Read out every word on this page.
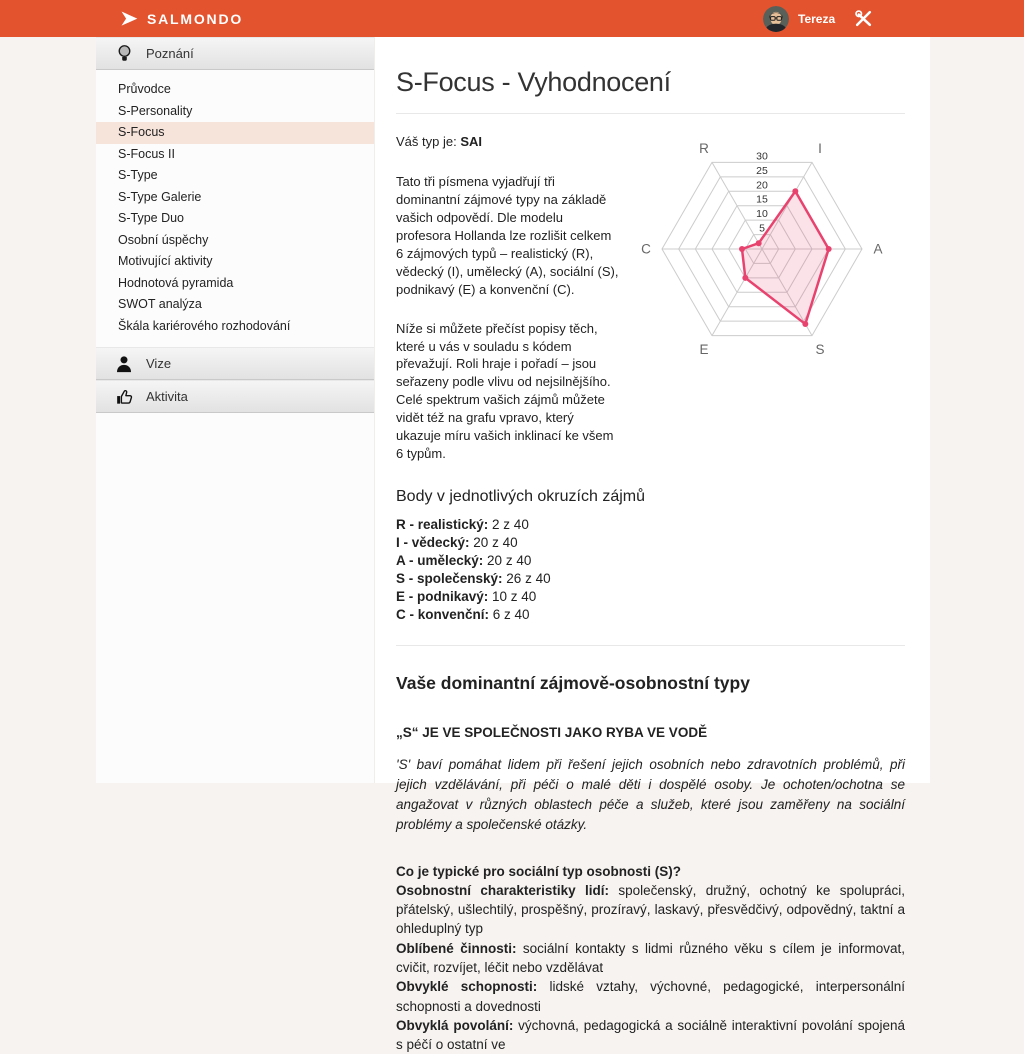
SALMONDO	Tereza
Poznání
Průvodce
S-Personality
S-Focus
S-Focus II
S-Type
S-Type Galerie
S-Type Duo
Osobní úspěchy
Motivující aktivity
Hodnotová pyramida
SWOT analýza
Škála kariérového rozhodování
Vize
Aktivita
S-Focus - Vyhodnocení

Váš typ je: SAI

Tato tři písmena vyjadřují tři dominantní zájmové typy na základě vašich odpovědí. Dle modelu profesora Hollanda lze rozlišit celkem 6 zájmových typů – realistický (R), vědecký (I), umělecký (A), sociální (S), podnikavý (E) a konvenční (C).

Níže si můžete přečíst popisy těch, které u vás v souladu s kódem převažují. Roli hraje i pořadí – jsou seřazeny podle vlivu od nejsilnějšího. Celé spektrum vašich zájmů můžete vidět též na grafu vpravo, který ukazuje míru vašich inklinací ke všem 6 typům.

5
10
15
20
25
30
R	I
A
S
E
C
Body v jednotlivých okruzích zájmů
R - realistický: 2 z 40
I - vědecký: 20 z 40
A - umělecký: 20 z 40
S - společenský: 26 z 40
E - podnikavý: 10 z 40
C - konvenční: 6 z 40
Vaše dominantní zájmově-osobnostní typy
„S“ JE VE SPOLEČNOSTI JAKO RYBA VE VODĚ

'S' baví pomáhat lidem při řešení jejich osobních nebo zdravotních problémů, při jejich vzdělávání, při péči o malé děti i dospělé osoby. Je ochoten/ochotna se angažovat v různých oblastech péče a služeb, které jsou zaměřeny na sociální problémy a společenské otázky.

Co je typické pro sociální typ osobnosti (S)?

Osobnostní charakteristiky lidí: společenský, družný, ochotný ke spolupráci, přátelský, ušlechtilý, prospěšný, prozíravý, laskavý, přesvědčivý, odpovědný, taktní a ohleduplný typ
Oblíbené činnosti: sociální kontakty s lidmi různého věku s cílem je informovat, cvičit, rozvíjet, léčit nebo vzdělávat
Obvyklé schopnosti: lidské vztahy, výchovné, pedagogické, interpersonální schopnosti a dovednosti
Obvyklá povolání: výchovná, pedagogická a sociálně interaktivní povolání spojená s péčí o ostatní ve
